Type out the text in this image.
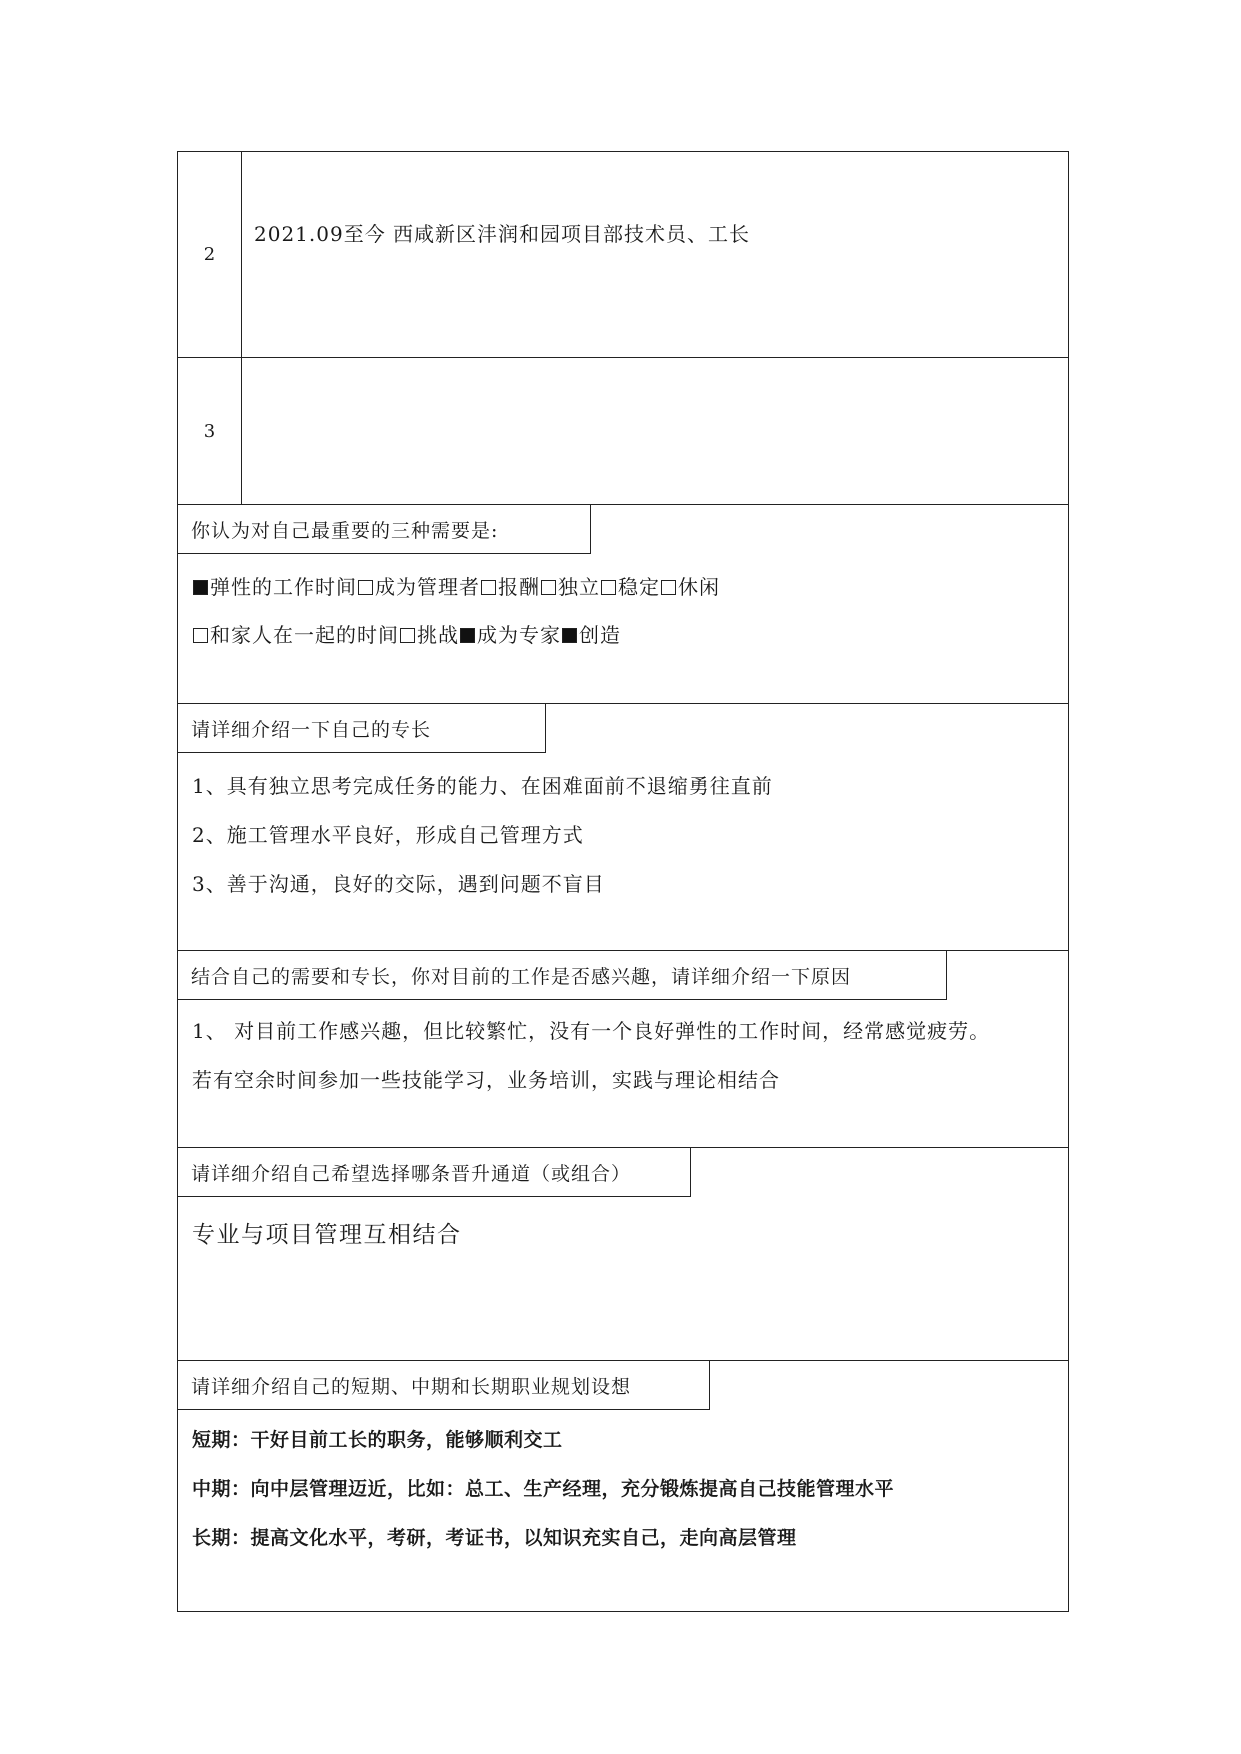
2
2021.09至今 西咸新区沣润和园项目部技术员、工长
3
你认为对自己最重要的三种需要是:
弹性的工作时间 成为管理者 报酬 独立 稳定 休闲
和家人在一起的时间 挑战 成为专家 创造
请详细介绍一下自己的专长
1、具有独立思考完成任务的能力、在困难面前不退缩勇往直前
2、施工管理水平良好，形成自己管理方式
3、善于沟通，良好的交际，遇到问题不盲目
结合自己的需要和专长，你对目前的工作是否感兴趣，请详细介绍一下原因
1、 对目前工作感兴趣，但比较繁忙，没有一个良好弹性的工作时间，经常感觉疲劳。
若有空余时间参加一些技能学习，业务培训，实践与理论相结合
请详细介绍自己希望选择哪条晋升通道（或组合）
专业与项目管理互相结合
请详细介绍自己的短期、中期和长期职业规划设想
短期：干好目前工长的职务，能够顺利交工
中期：向中层管理迈近，比如：总工、生产经理，充分锻炼提高自己技能管理水平
长期：提高文化水平，考研，考证书，以知识充实自己，走向高层管理
